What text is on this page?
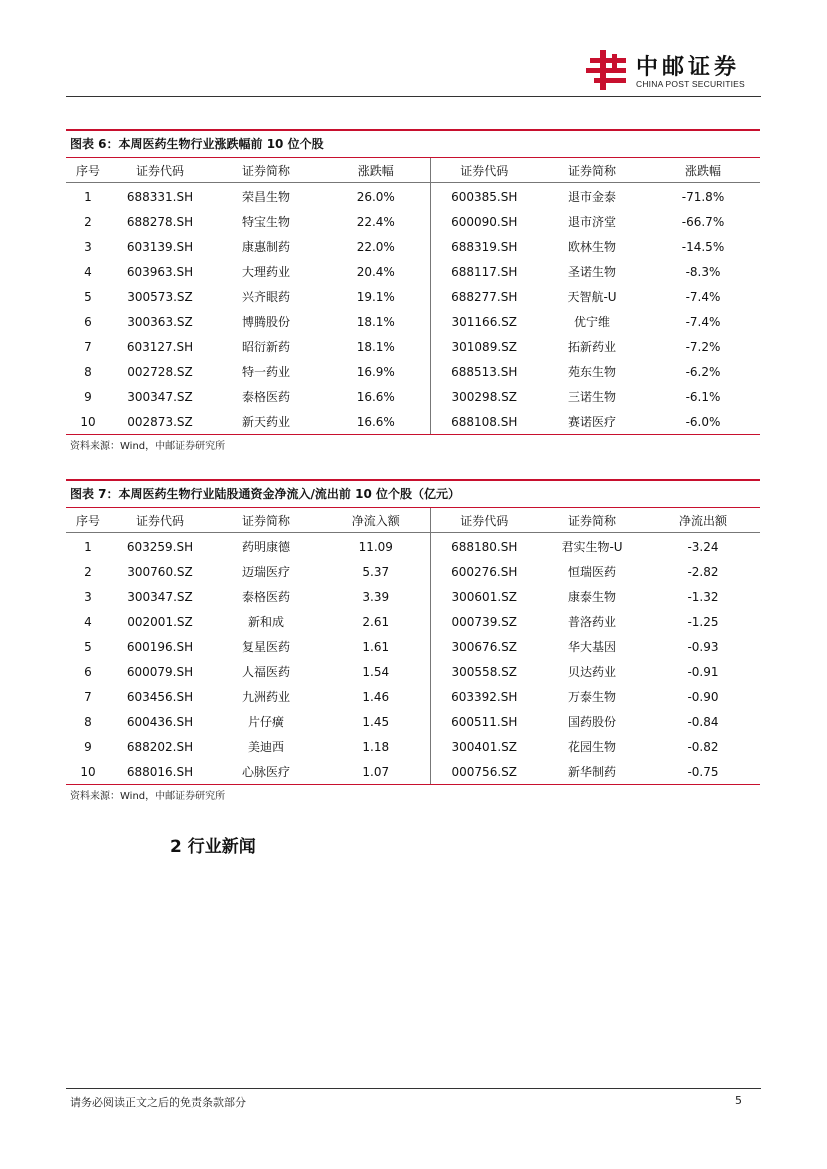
中邮证券
CHINA POST SECURITIES
图表 6：本周医药生物行业涨跌幅前 10 位个股
序号	证券代码	证券简称	涨跌幅	证券代码	证券简称	涨跌幅
1	688331.SH	荣昌生物	26.0%	600385.SH	退市金泰	-71.8%
2	688278.SH	特宝生物	22.4%	600090.SH	退市济堂	-66.7%
3	603139.SH	康惠制药	22.0%	688319.SH	欧林生物	-14.5%
4	603963.SH	大理药业	20.4%	688117.SH	圣诺生物	-8.3%
5	300573.SZ	兴齐眼药	19.1%	688277.SH	天智航-U	-7.4%
6	300363.SZ	博腾股份	18.1%	301166.SZ	优宁维	-7.4%
7	603127.SH	昭衍新药	18.1%	301089.SZ	拓新药业	-7.2%
8	002728.SZ	特一药业	16.9%	688513.SH	苑东生物	-6.2%
9	300347.SZ	泰格医药	16.6%	300298.SZ	三诺生物	-6.1%
10	002873.SZ	新天药业	16.6%	688108.SH	赛诺医疗	-6.0%
资料来源：Wind，中邮证券研究所
图表 7：本周医药生物行业陆股通资金净流入/流出前 10 位个股（亿元）
序号	证券代码	证券简称	净流入额	证券代码	证券简称	净流出额
1	603259.SH	药明康德	11.09	688180.SH	君实生物-U	-3.24
2	300760.SZ	迈瑞医疗	5.37	600276.SH	恒瑞医药	-2.82
3	300347.SZ	泰格医药	3.39	300601.SZ	康泰生物	-1.32
4	002001.SZ	新和成	2.61	000739.SZ	普洛药业	-1.25
5	600196.SH	复星医药	1.61	300676.SZ	华大基因	-0.93
6	600079.SH	人福医药	1.54	300558.SZ	贝达药业	-0.91
7	603456.SH	九洲药业	1.46	603392.SH	万泰生物	-0.90
8	600436.SH	片仔癀	1.45	600511.SH	国药股份	-0.84
9	688202.SH	美迪西	1.18	300401.SZ	花园生物	-0.82
10	688016.SH	心脉医疗	1.07	000756.SZ	新华制药	-0.75
资料来源：Wind，中邮证券研究所
2 行业新闻
请务必阅读正文之后的免责条款部分	5
